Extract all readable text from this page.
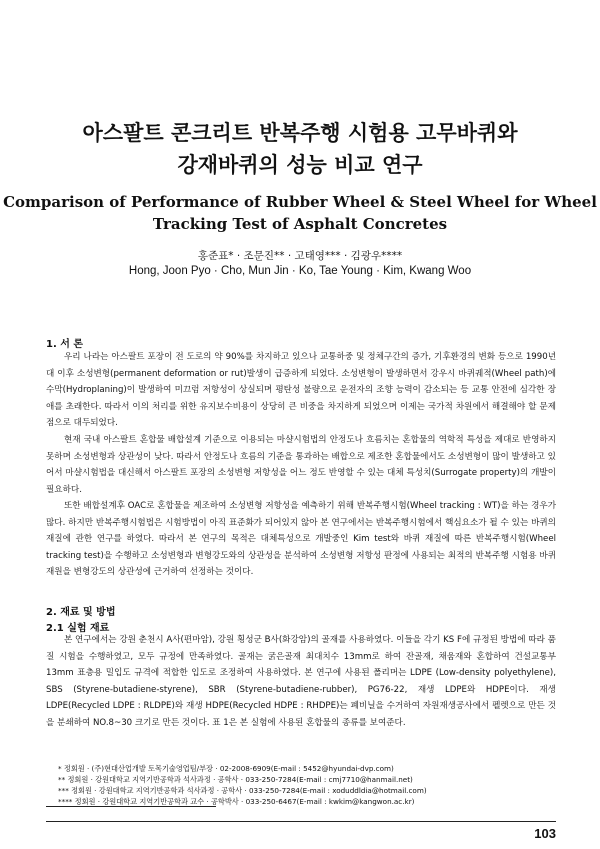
아스팔트 콘크리트 반복주행 시험용 고무바퀴와
강재바퀴의 성능 비교 연구
Comparison of Performance of Rubber Wheel & Steel Wheel for Wheel
Tracking Test of Asphalt Concretes
홍준표* · 조문진** · 고태영*** · 김광우****
Hong, Joon Pyo · Cho, Mun Jin · Ko, Tae Young · Kim, Kwang Woo
1. 서 론

우리 나라는 아스팔트 포장이 전 도로의 약 90%를 차지하고 있으나 교통하중 및 정체구간의 증가, 기후환경의 변화 등으로 1990년대 이후 소성변형(permanent deformation or rut)발생이 급증하게 되었다. 소성변형이 발생하면서 강우시 바퀴궤적(Wheel path)에 수막(Hydroplaning)이 발생하여 미끄럼 저항성이 상실되며 평탄성 불량으로 운전자의 조향 능력이 감소되는 등 교통 안전에 심각한 장애를 초래한다. 따라서 이의 처리를 위한 유지보수비용이 상당히 큰 비중을 차지하게 되었으며 이제는 국가적 차원에서 해결해야 할 문제점으로 대두되었다.

현재 국내 아스팔트 혼합물 배합설계 기준으로 이용되는 마샬시험법의 안정도나 흐름치는 혼합물의 역학적 특성을 제대로 반영하지 못하며 소성변형과 상관성이 낮다. 따라서 안정도나 흐름의 기준을 통과하는 배합으로 제조한 혼합물에서도 소성변형이 많이 발생하고 있어서 마샬시험법을 대신해서 아스팔트 포장의 소성변형 저항성을 어느 정도 반영할 수 있는 대체 특성치(Surrogate property)의 개발이 필요하다.

또한 배합설계후 OAC로 혼합물을 제조하여 소성변형 저항성을 예측하기 위해 반복주행시험(Wheel tracking : WT)을 하는 경우가 많다. 하지만 반복주행시험법은 시험방법이 아직 표준화가 되어있지 않아 본 연구에서는 반복주행시험에서 핵심요소가 될 수 있는 바퀴의 재질에 관한 연구를 하였다. 따라서 본 연구의 목적은 대체특성으로 개발중인 Kim test와 바퀴 재질에 따른 반복주행시험(Wheel tracking test)을 수행하고 소성변형과 변형강도와의 상관성을 분석하여 소성변형 저항성 판정에 사용되는 최적의 반복주행 시험용 바퀴 재원을 변형강도의 상관성에 근거하여 선정하는 것이다.

2. 재료 및 방법
2.1 실험 재료

본 연구에서는 강원 춘천시 A사(편마암), 강원 횡성군 B사(화강암)의 골재를 사용하였다. 이들을 각기 KS F에 규정된 방법에 따라 품질 시험을 수행하였고, 모두 규정에 만족하였다. 골재는 굵은골재 최대치수 13mm로 하여 잔골재, 채움재와 혼합하여 건설교통부 13mm 표층용 밀입도 규격에 적합한 입도로 조정하여 사용하였다. 본 연구에 사용된 폴리머는 LDPE (Low-density polyethylene), SBS (Styrene-butadiene-styrene), SBR (Styrene-butadiene-rubber), PG76-22, 재생 LDPE와 HDPE이다. 재생 LDPE(Recycled LDPE : RLDPE)와 재생 HDPE(Recycled HDPE : RHDPE)는 폐비닐을 수거하여 자원재생공사에서 펠렛으로 만든 것을 분쇄하여 NO.8~30 크기로 만든 것이다. 표 1은 본 실험에 사용된 혼합물의 종류를 보여준다.

* 정회원 · (주)현대산업개발 토목기술영업팀/부장 · 02-2008-6909(E-mail : 5452@hyundai-dvp.com)
** 정회원 · 강원대학교 지역기반공학과 석사과정 · 공학사 · 033-250-7284(E-mail : cmj7710@hanmail.net)
*** 정회원 · 강원대학교 지역기반공학과 석사과정 · 공학사 · 033-250-7284(E-mail : xoduddldia@hotmail.com)
**** 정회원 · 강원대학교 지역기반공학과 교수 · 공학박사 · 033-250-6467(E-mail : kwkim@kangwon.ac.kr)
103
